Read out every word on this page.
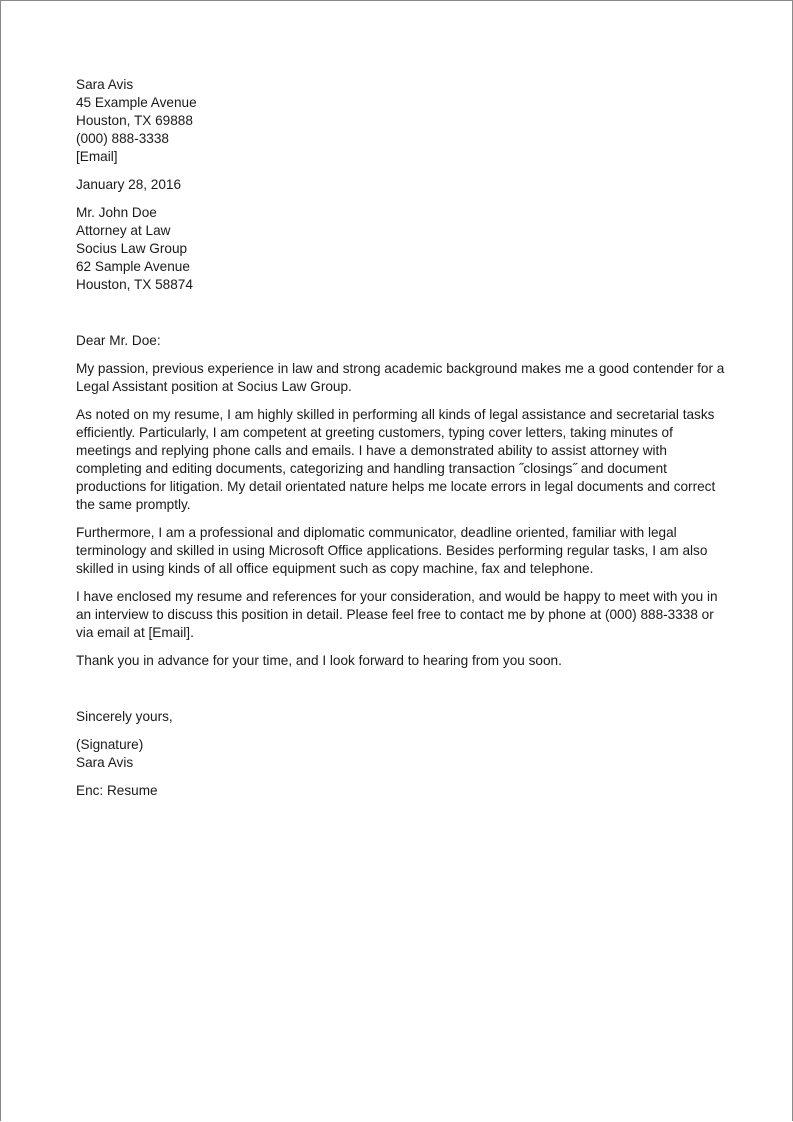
Sara Avis
45 Example Avenue
Houston, TX 69888
(000) 888-3338
[Email]
January 28, 2016
Mr. John Doe
Attorney at Law
Socius Law Group
62 Sample Avenue
Houston, TX 58874

Dear Mr. Doe:

My passion, previous experience in law and strong academic background makes me a good contender for a
Legal Assistant position at Socius Law Group.

As noted on my resume, I am highly skilled in performing all kinds of legal assistance and secretarial tasks
efficiently. Particularly, I am competent at greeting customers, typing cover letters, taking minutes of
meetings and replying phone calls and emails. I have a demonstrated ability to assist attorney with
completing and editing documents, categorizing and handling transaction ˝closings˝ and document
productions for litigation. My detail orientated nature helps me locate errors in legal documents and correct
the same promptly.

Furthermore, I am a professional and diplomatic communicator, deadline oriented, familiar with legal
terminology and skilled in using Microsoft Office applications. Besides performing regular tasks, I am also
skilled in using kinds of all office equipment such as copy machine, fax and telephone.

I have enclosed my resume and references for your consideration, and would be happy to meet with you in
an interview to discuss this position in detail. Please feel free to contact me by phone at (000) 888-3338 or
via email at [Email].

Thank you in advance for your time, and I look forward to hearing from you soon.

Sincerely yours,

(Signature)
Sara Avis

Enc: Resume
